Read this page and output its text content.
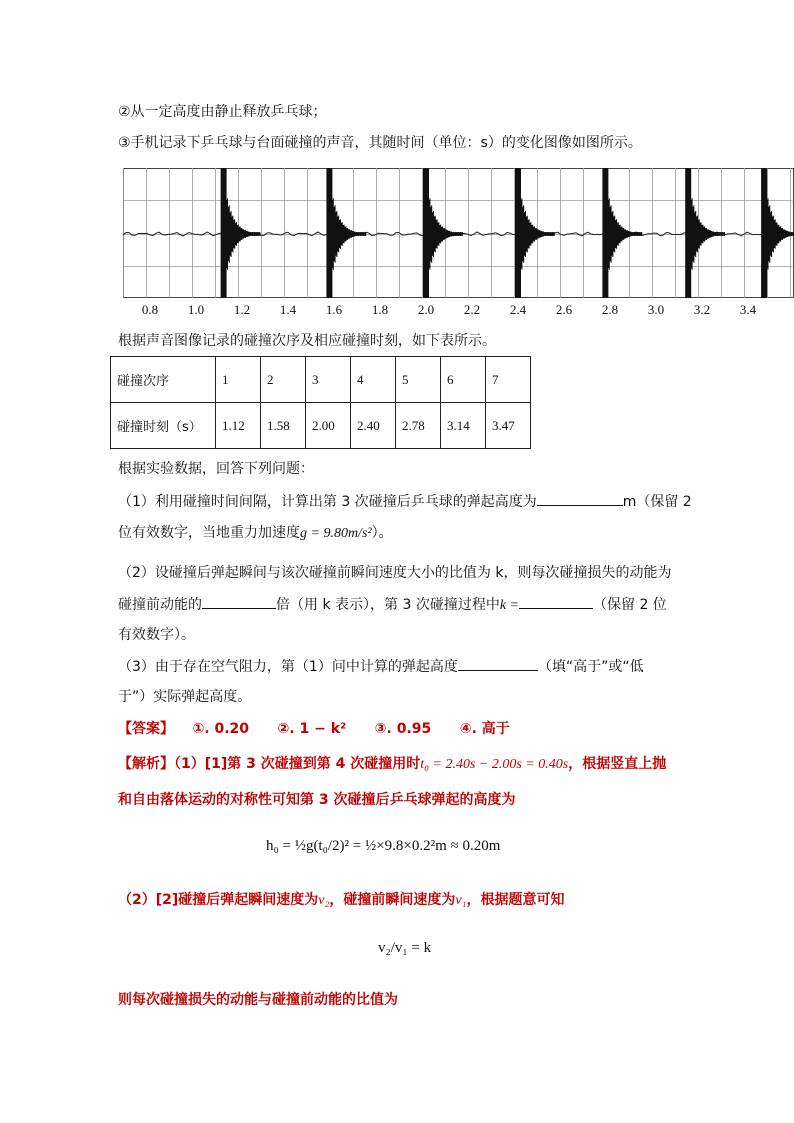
②从一定高度由静止释放乒乓球；
③手机记录下乒乓球与台面碰撞的声音，其随时间（单位：s）的变化图像如图所示。
0.8 1.0 1.2 1.4 1.6 1.8 2.0 2.2 2.4 2.6 2.8 3.0 3.2 3.4
根据声音图像记录的碰撞次序及相应碰撞时刻，如下表所示。
碰撞次序	1	2	3	4	5	6	7
碰撞时刻（s）	1.12	1.58	2.00	2.40	2.78	3.14	3.47
根据实验数据，回答下列问题：
（1）利用碰撞时间间隔，计算出第 3 次碰撞后乒乓球的弹起高度为	m（保留 2
位有效数字，当地重力加速度g = 9.80m/s²）。
（2）设碰撞后弹起瞬间与该次碰撞前瞬间速度大小的比值为 k，则每次碰撞损失的动能为
碰撞前动能的	倍（用 k 表示），第 3 次碰撞过程中k =	（保留 2 位
有效数字）。
（3）由于存在空气阻力，第（1）问中计算的弹起高度	（填“高于”或“低
于”）实际弹起高度。
【答案】 ①. 0.20 ②. 1 − k² ③. 0.95 ④. 高于
【解析】（1）[1]第 3 次碰撞到第 4 次碰撞用时t₀ = 2.40s − 2.00s = 0.40s，根据竖直上抛
和自由落体运动的对称性可知第 3 次碰撞后乒乓球弹起的高度为
h₀ = ½g(t₀/2)² = ½×9.8×0.2²m ≈ 0.20m
（2）[2]碰撞后弹起瞬间速度为v₂，碰撞前瞬间速度为v₁，根据题意可知
v₂/v₁ = k
则每次碰撞损失的动能与碰撞前动能的比值为
